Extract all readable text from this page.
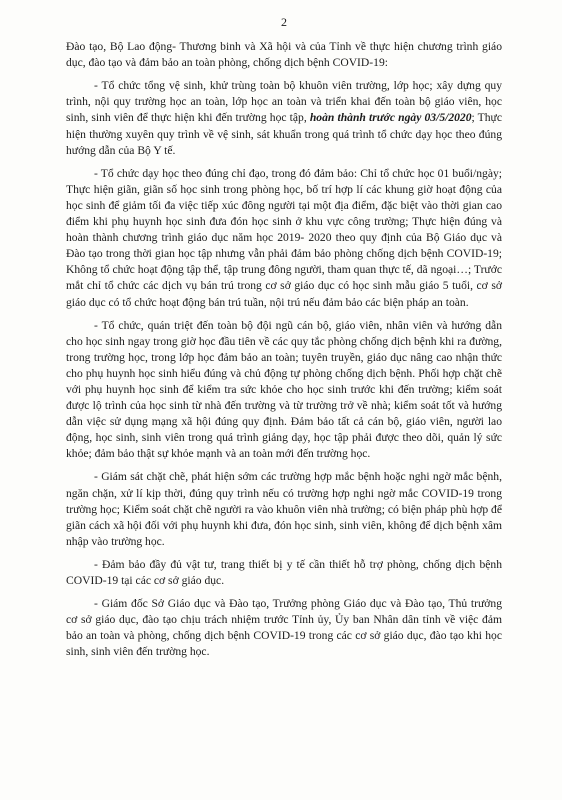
2

Đào tạo, Bộ Lao động- Thương binh và Xã hội và của Tỉnh về thực hiện chương trình giáo dục, đào tạo và đảm bảo an toàn phòng, chống dịch bệnh COVID-19:

- Tổ chức tổng vệ sinh, khử trùng toàn bộ khuôn viên trường, lớp học; xây dựng quy trình, nội quy trường học an toàn, lớp học an toàn và triển khai đến toàn bộ giáo viên, học sinh, sinh viên để thực hiện khi đến trường học tập, hoàn thành trước ngày 03/5/2020; Thực hiện thường xuyên quy trình về vệ sinh, sát khuẩn trong quá trình tổ chức dạy học theo đúng hướng dẫn của Bộ Y tế.

- Tổ chức dạy học theo đúng chỉ đạo, trong đó đảm bảo: Chỉ tổ chức học 01 buổi/ngày; Thực hiện giãn, giãn số học sinh trong phòng học, bố trí hợp lí các khung giờ hoạt động của học sinh để giảm tối đa việc tiếp xúc đông người tại một địa điểm, đặc biệt vào thời gian cao điểm khi phụ huynh học sinh đưa đón học sinh ở khu vực công trường; Thực hiện đúng và hoàn thành chương trình giáo dục năm học 2019- 2020 theo quy định của Bộ Giáo dục và Đào tạo trong thời gian học tập nhưng vẫn phải đảm bảo phòng chống dịch bệnh COVID-19; Không tổ chức hoạt động tập thể, tập trung đông người, tham quan thực tế, dã ngoại…; Trước mắt chỉ tổ chức các dịch vụ bán trú trong cơ sở giáo dục có học sinh mẫu giáo 5 tuổi, cơ sở giáo dục có tổ chức hoạt động bán trú tuần, nội trú nếu đảm bảo các biện pháp an toàn.

- Tổ chức, quán triệt đến toàn bộ đội ngũ cán bộ, giáo viên, nhân viên và hướng dẫn cho học sinh ngay trong giờ học đầu tiên về các quy tắc phòng chống dịch bệnh khi ra đường, trong trường học, trong lớp học đảm bảo an toàn; tuyên truyền, giáo dục nâng cao nhận thức cho phụ huynh học sinh hiểu đúng và chủ động tự phòng chống dịch bệnh. Phối hợp chặt chẽ với phụ huynh học sinh để kiểm tra sức khỏe cho học sinh trước khi đến trường; kiểm soát được lộ trình của học sinh từ nhà đến trường và từ trường trở về nhà; kiểm soát tốt và hướng dẫn việc sử dụng mạng xã hội đúng quy định. Đảm bảo tất cả cán bộ, giáo viên, người lao động, học sinh, sinh viên trong quá trình giảng dạy, học tập phải được theo dõi, quản lý sức khỏe; đảm bảo thật sự khỏe mạnh và an toàn mới đến trường học.

- Giám sát chặt chẽ, phát hiện sớm các trường hợp mắc bệnh hoặc nghi ngờ mắc bệnh, ngăn chặn, xử lí kịp thời, đúng quy trình nếu có trường hợp nghi ngờ mắc COVID-19 trong trường học; Kiểm soát chặt chẽ người ra vào khuôn viên nhà trường; có biện pháp phù hợp để giãn cách xã hội đối với phụ huynh khi đưa, đón học sinh, sinh viên, không để dịch bệnh xâm nhập vào trường học.

- Đảm bảo đầy đủ vật tư, trang thiết bị y tế cần thiết hỗ trợ phòng, chống dịch bệnh COVID-19 tại các cơ sở giáo dục.

- Giám đốc Sở Giáo dục và Đào tạo, Trưởng phòng Giáo dục và Đào tạo, Thủ trưởng cơ sở giáo dục, đào tạo chịu trách nhiệm trước Tỉnh ủy, Ủy ban Nhân dân tỉnh về việc đảm bảo an toàn và phòng, chống dịch bệnh COVID-19 trong các cơ sở giáo dục, đào tạo khi học sinh, sinh viên đến trường học.
